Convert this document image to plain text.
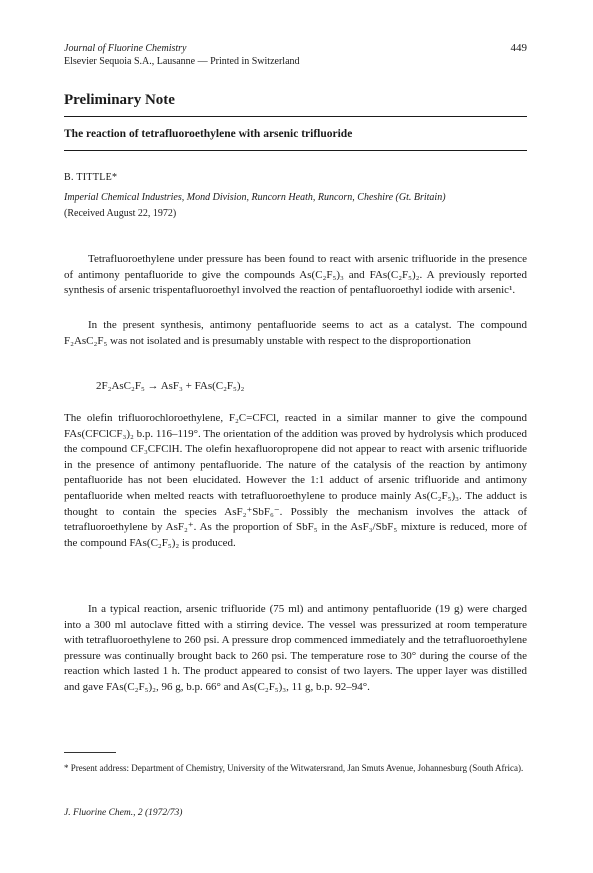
Journal of Fluorine Chemistry
Elsevier Sequoia S.A., Lausanne — Printed in Switzerland
449
Preliminary Note
The reaction of tetrafluoroethylene with arsenic trifluoride
B. TITTLE*
Imperial Chemical Industries, Mond Division, Runcorn Heath, Runcorn, Cheshire (Gt. Britain)
(Received August 22, 1972)

Tetrafluoroethylene under pressure has been found to react with arsenic trifluoride in the presence of antimony pentafluoride to give the compounds As(C₂F₅)₃ and FAs(C₂F₅)₂. A previously reported synthesis of arsenic trispentafluoroethyl involved the reaction of pentafluoroethyl iodide with arsenic¹.

In the present synthesis, antimony pentafluoride seems to act as a catalyst. The compound F₂AsC₂F₅ was not isolated and is presumably unstable with respect to the disproportionation

2F₂AsC₂F₅ → AsF₃ + FAs(C₂F₅)₂

The olefin trifluorochloroethylene, F₂C=CFCl, reacted in a similar manner to give the compound FAs(CFClCF₃)₂ b.p. 116–119°. The orientation of the addition was proved by hydrolysis which produced the compound CF₃CFClH. The olefin hexafluoropropene did not appear to react with arsenic trifluoride in the presence of antimony pentafluoride. The nature of the catalysis of the reaction by antimony pentafluoride has not been elucidated. However the 1:1 adduct of arsenic trifluoride and antimony pentafluoride when melted reacts with tetrafluoroethylene to produce mainly As(C₂F₅)₃. The adduct is thought to contain the species AsF₂⁺SbF₆⁻. Possibly the mechanism involves the attack of tetrafluoroethylene by AsF₂⁺. As the proportion of SbF₅ in the AsF₃/SbF₅ mixture is reduced, more of the compound FAs(C₂F₅)₂ is produced.

In a typical reaction, arsenic trifluoride (75 ml) and antimony pentafluoride (19 g) were charged into a 300 ml autoclave fitted with a stirring device. The vessel was pressurized at room temperature with tetrafluoroethylene to 260 psi. A pressure drop commenced immediately and the tetrafluoroethylene pressure was continually brought back to 260 psi. The temperature rose to 30° during the course of the reaction which lasted 1 h. The product appeared to consist of two layers. The upper layer was distilled and gave FAs(C₂F₅)₂, 96 g, b.p. 66° and As(C₂F₅)₃, 11 g, b.p. 92–94°.

* Present address: Department of Chemistry, University of the Witwatersrand, Jan Smuts Avenue, Johannesburg (South Africa).
J. Fluorine Chem., 2 (1972/73)
